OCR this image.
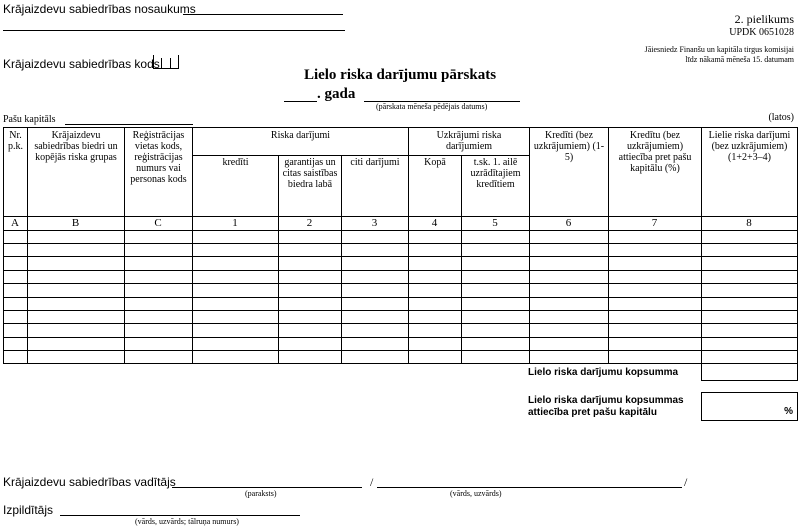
Krājaizdevu sabiedrības nosaukums
2. pielikums
UPDK 0651028
Krājaizdevu sabiedrības kods
Jāiesniedz Finanšu un kapitāla tirgus komisijai
līdz nākamā mēneša 15. datumam
Lielo riska darījumu pārskats
. gada
(pārskata mēneša pēdējais datums)
Pašu kapitāls	(latos)
Nr. p.k.
Krājaizdevu sabiedrības biedri un kopējās riska grupas
Reģistrācijas vietas kods, reģistrācijas numurs vai personas kods
Riska darījumi
kredīti	garantijas un citas saistības biedra labā
citi darījumi
Uzkrājumi riska darījumiem
Kopā	t.sk. 1. ailē uzrādītajiem kredītiem
Kredīti (bez uzkrājumiem) (1-5)
Kredītu (bez uzkrājumiem) attiecība pret pašu kapitālu (%)
Lielie riska darījumi (bez uzkrājumiem) (1+2+3–4)
A	B	C	1	2	3	4	5	6	7	8
Lielo riska darījumu kopsumma
Lielo riska darījumu kopsummas
attiecība pret pašu kapitālu	%
Krājaizdevu sabiedrības vadītājs
(paraksts)
/	/
(vārds, uzvārds)
Izpildītājs
(vārds, uzvārds; tālruņa numurs)
